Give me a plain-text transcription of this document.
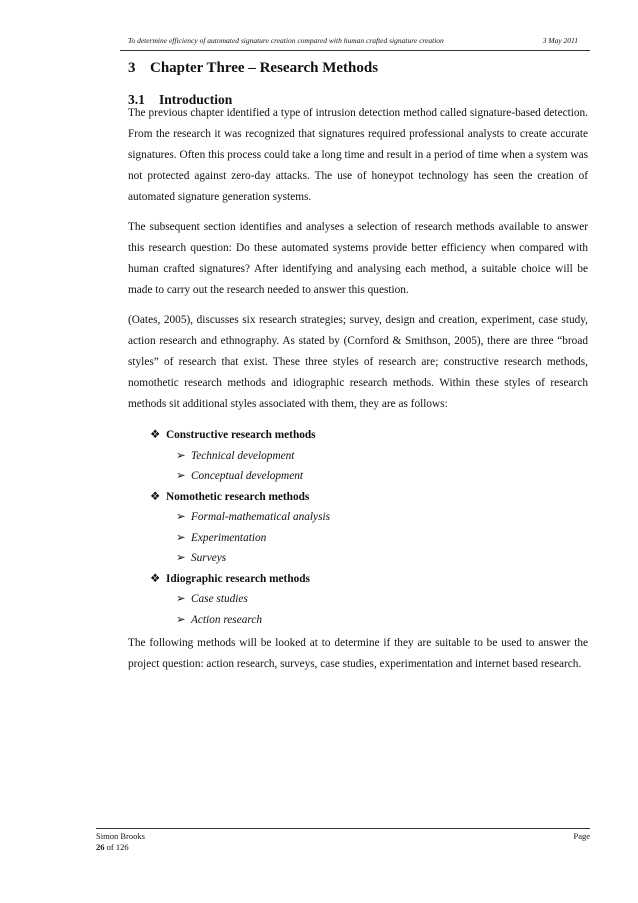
To determine efficiency of automated signature creation compared with human crafted signature creation	3 May 2011
3 Chapter Three – Research Methods
3.1 Introduction

The previous chapter identified a type of intrusion detection method called signature-based detection. From the research it was recognized that signatures required professional analysts to create accurate signatures. Often this process could take a long time and result in a period of time when a system was not protected against zero-day attacks. The use of honeypot technology has seen the creation of automated signature generation systems.

The subsequent section identifies and analyses a selection of research methods available to answer this research question: Do these automated systems provide better efficiency when compared with human crafted signatures? After identifying and analysing each method, a suitable choice will be made to carry out the research needed to answer this question.

(Oates, 2005), discusses six research strategies; survey, design and creation, experiment, case study, action research and ethnography. As stated by (Cornford & Smithson, 2005), there are three “broad styles” of research that exist. These three styles of research are; constructive research methods, nomothetic research methods and idiographic research methods. Within these styles of research methods sit additional styles associated with them, they are as follows:

❖ Constructive research methods
➢ Technical development
➢ Conceptual development
❖ Nomothetic research methods
➢ Formal-mathematical analysis
➢ Experimentation
➢ Surveys
❖ Idiographic research methods
➢ Case studies
➢ Action research

The following methods will be looked at to determine if they are suitable to be used to answer the project question: action research, surveys, case studies, experimentation and internet based research.

Simon Brooks
26 of 126
Page
